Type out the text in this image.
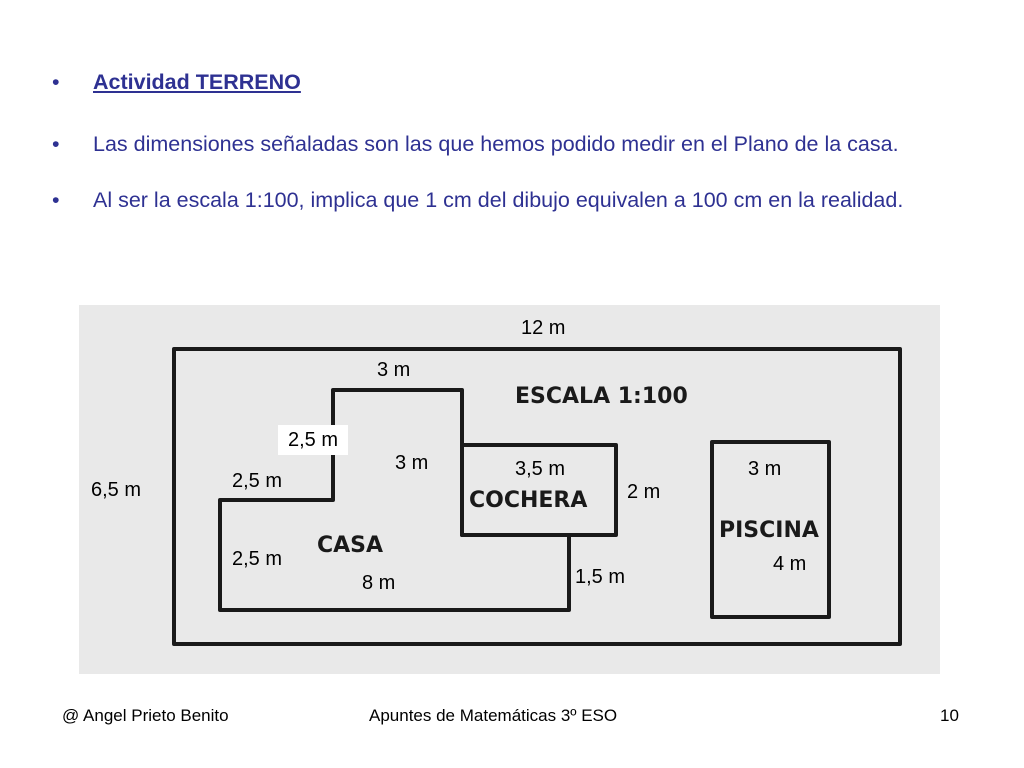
•	Actividad TERRENO
•	Las dimensiones señaladas son las que hemos podido medir en el Plano de la casa.
•	Al ser la escala 1:100, implica que 1 cm del dibujo equivalen a 100 cm en la realidad.
ESCALA 1:100
COCHERA
CASA
PISCINA
12 m
3 m
2,5 m
3 m	3,5 m	3 m
2,5 m
6,5 m	2 m
2,5 m	4 m
1,5 m
8 m
@ Angel Prieto Benito	Apuntes de Matemáticas 3º ESO	10
